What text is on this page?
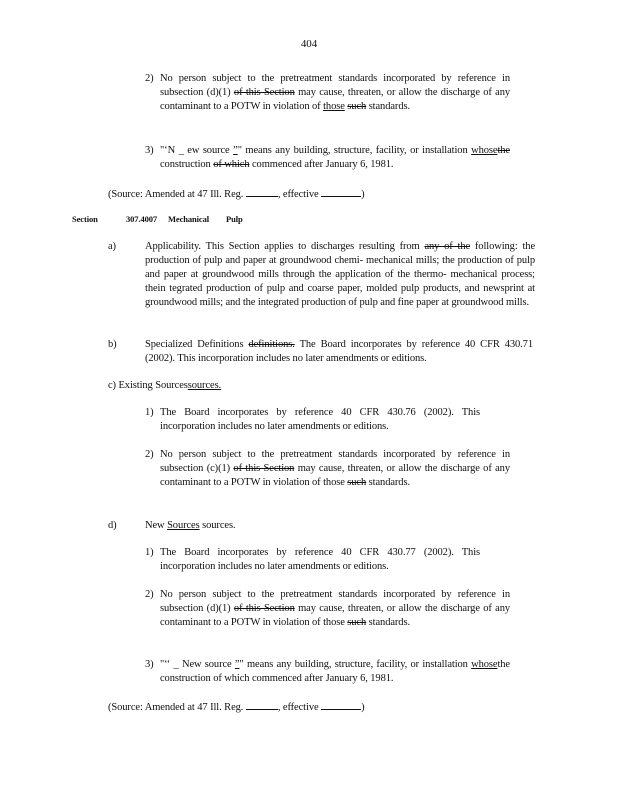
404
2) No person subject to the pretreatment standards incorporated by reference in subsection (d)(1) of this Section may cause, threaten, or allow the discharge of any contaminant to a POTW in violation of those such standards.
3) "‘N _ ew source ”" means any building, structure, facility, or installation whosethe construction of which commenced after January 6, 1981.
(Source: Amended at 47 Ill. Reg.	, effective	)
Section	307.4007 Mechanical Pulp
a)	Applicability. This Section applies to discharges resulting from any of the following: the production of pulp and paper at groundwood chemi- mechanical mills; the production of pulp and paper at groundwood mills through the application of the thermo- mechanical process; thein tegrated production of pulp and coarse paper, molded pulp products, and newsprint at groundwood mills; and the integrated production of pulp and fine paper at groundwood mills.
b)	Specialized Definitions definitions. The Board incorporates by reference 40 CFR 430.71 (2002). This incorporation includes no later amendments or editions.
c) Existing Sourcessources.
1) The Board incorporates by reference 40 CFR 430.76 (2002). This incorporation includes no later amendments or editions.
2) No person subject to the pretreatment standards incorporated by reference in subsection (c)(1) of this Section may cause, threaten, or allow the discharge of any contaminant to a POTW in violation of those such standards.
d)	New Sources sources.
1) The Board incorporates by reference 40 CFR 430.77 (2002). This incorporation includes no later amendments or editions.
2) No person subject to the pretreatment standards incorporated by reference in subsection (d)(1) of this Section may cause, threaten, or allow the discharge of any contaminant to a POTW in violation of those such standards.
3) "‘‘ _ New source ”" means any building, structure, facility, or installation whosethe construction of which commenced after January 6, 1981.
(Source: Amended at 47 Ill. Reg.	, effective	)
